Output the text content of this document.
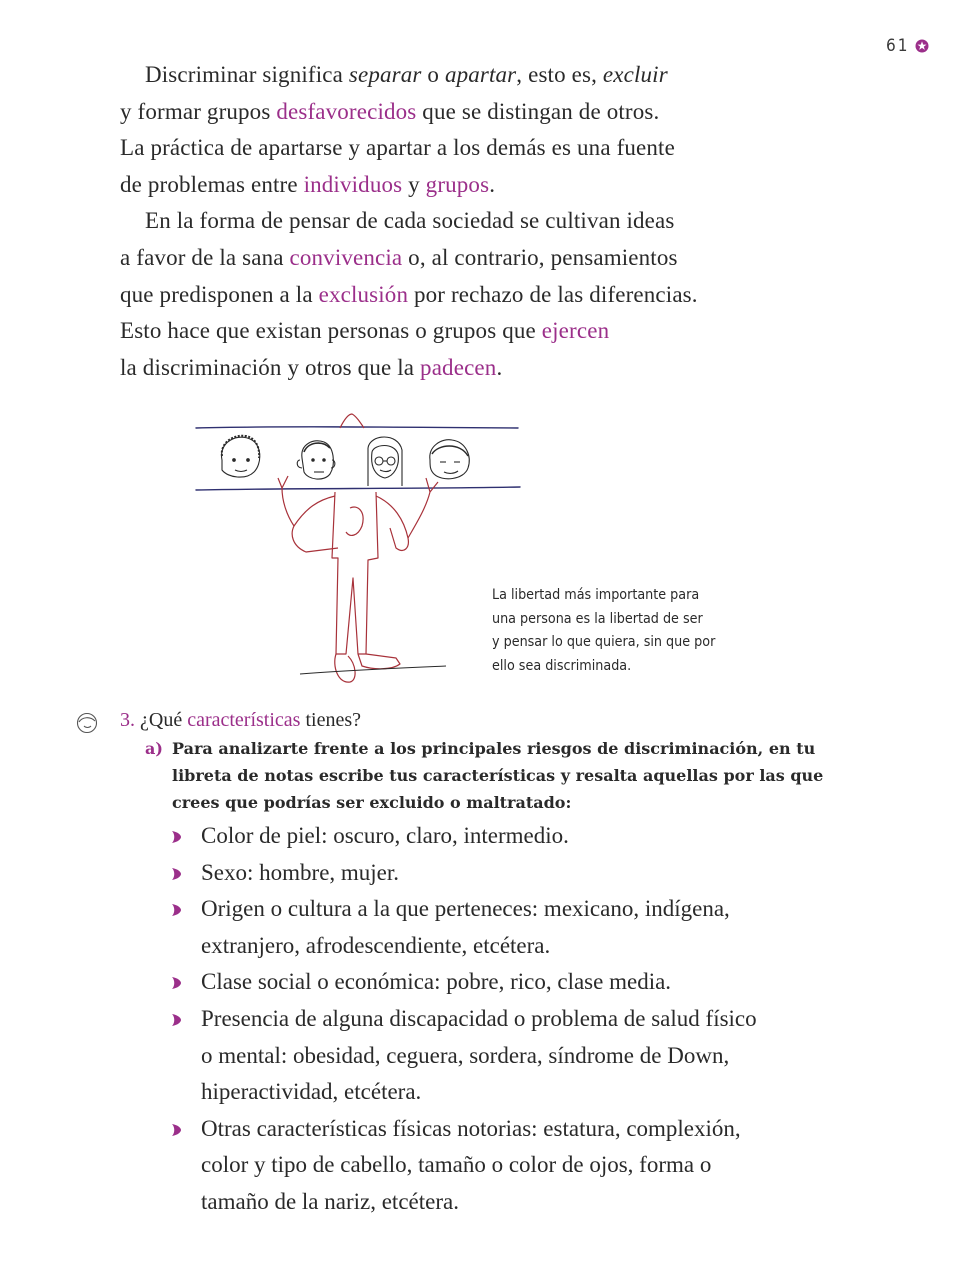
61

Discriminar significa separar o apartar, esto es, excluir
y formar grupos desfavorecidos que se distingan de otros.
La práctica de apartarse y apartar a los demás es una fuente
de problemas entre individuos y grupos.

En la forma de pensar de cada sociedad se cultivan ideas
a favor de la sana convivencia o, al contrario, pensamientos
que predisponen a la exclusión por rechazo de las diferencias.
Esto hace que existan personas o grupos que ejercen
la discriminación y otros que la padecen.

La libertad más importante para
una persona es la libertad de ser
y pensar lo que quiera, sin que por
ello sea discriminada.
3. ¿Qué características tienes?
a) Para analizarte frente a los principales riesgos de discriminación, en tu
libreta de notas escribe tus características y resalta aquellas por las que
crees que podrías ser excluido o maltratado:
Color de piel: oscuro, claro, intermedio.
Sexo: hombre, mujer.
Origen o cultura a la que perteneces: mexicano, indígena,
extranjero, afrodescendiente, etcétera.
Clase social o económica: pobre, rico, clase media.
Presencia de alguna discapacidad o problema de salud físico
o mental: obesidad, ceguera, sordera, síndrome de Down,
hiperactividad, etcétera.
Otras características físicas notorias: estatura, complexión,
color y tipo de cabello, tamaño o color de ojos, forma o
tamaño de la nariz, etcétera.
